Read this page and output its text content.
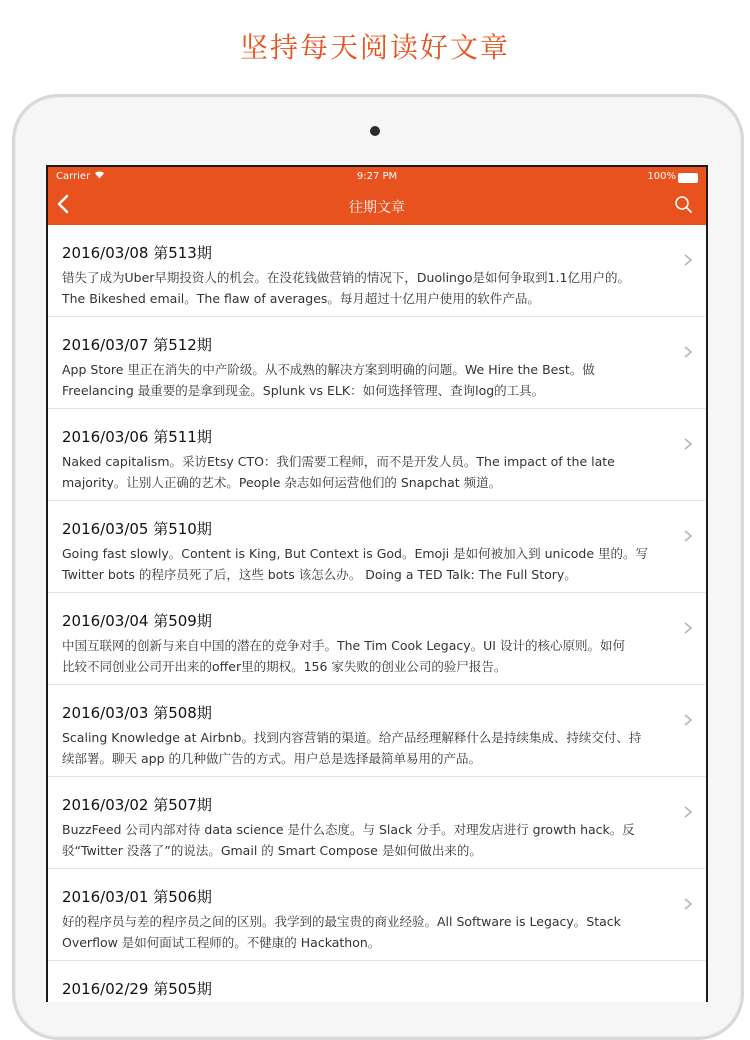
坚持每天阅读好文章
Carrier	9:27 PM	100%
往期文章
2016/03/08 第513期
错失了成为Uber早期投资人的机会。在没花钱做营销的情况下，Duolingo是如何争取到1.1亿用户的。
The Bikeshed email。The flaw of averages。每月超过十亿用户使用的软件产品。
2016/03/07 第512期
App Store 里正在消失的中产阶级。从不成熟的解决方案到明确的问题。We Hire the Best。做
Freelancing 最重要的是拿到现金。Splunk vs ELK：如何选择管理、查询log的工具。
2016/03/06 第511期
Naked capitalism。采访Etsy CTO：我们需要工程师，而不是开发人员。The impact of the late
majority。让别人正确的艺术。People 杂志如何运营他们的 Snapchat 频道。
2016/03/05 第510期
Going fast slowly。Content is King, But Context is God。Emoji 是如何被加入到 unicode 里的。写
Twitter bots 的程序员死了后，这些 bots 该怎么办。 Doing a TED Talk: The Full Story。
2016/03/04 第509期
中国互联网的创新与来自中国的潜在的竞争对手。The Tim Cook Legacy。UI 设计的核心原则。如何
比较不同创业公司开出来的offer里的期权。156 家失败的创业公司的验尸报告。
2016/03/03 第508期
Scaling Knowledge at Airbnb。找到内容营销的渠道。给产品经理解释什么是持续集成、持续交付、持
续部署。聊天 app 的几种做广告的方式。用户总是选择最简单易用的产品。
2016/03/02 第507期
BuzzFeed 公司内部对待 data science 是什么态度。与 Slack 分手。对理发店进行 growth hack。反
驳“Twitter 没落了”的说法。Gmail 的 Smart Compose 是如何做出来的。
2016/03/01 第506期
好的程序员与差的程序员之间的区别。我学到的最宝贵的商业经验。All Software is Legacy。Stack
Overflow 是如何面试工程师的。不健康的 Hackathon。
2016/02/29 第505期
